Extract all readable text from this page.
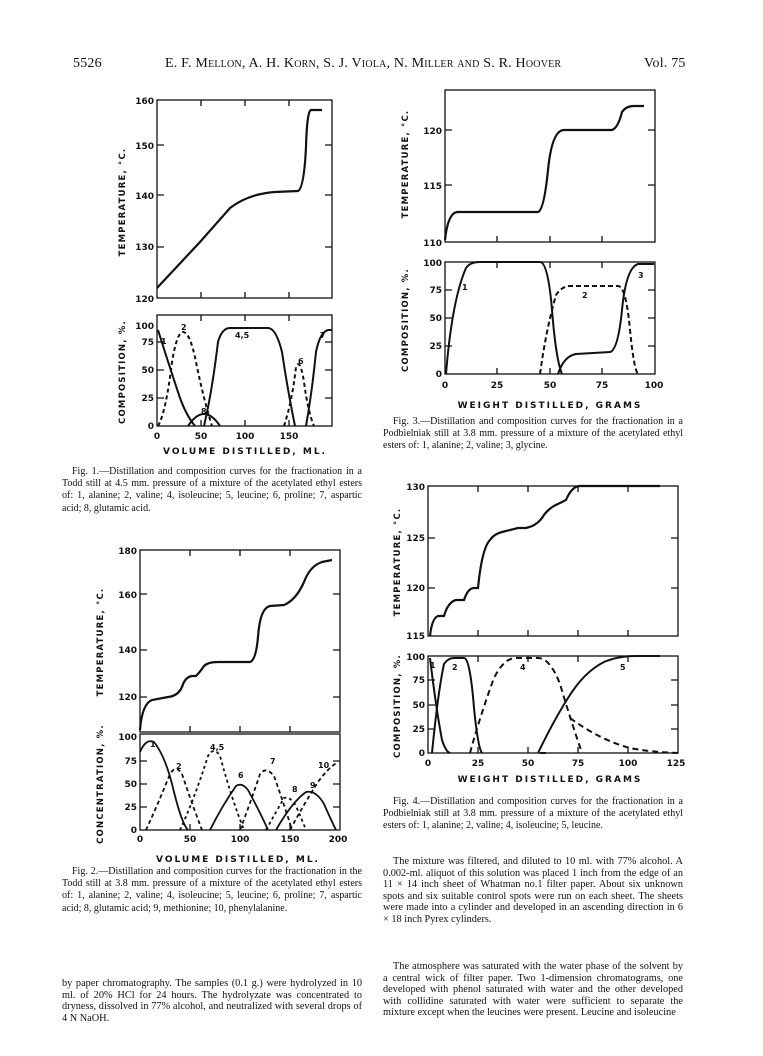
5526	E. F. Mellon, A. H. Korn, S. J. Viola, N. Miller and S. R. Hoover	Vol. 75
1
2
4,5
6
7
8
120
130
140
150
160
0
25
50
75
100
0	50	100	150
TEMPERATURE, °C.
COMPOSITION, %.
VOLUME DISTILLED, ML.

Fig. 1.—Distillation and composition curves for the fractionation in a Todd still at 4.5 mm. pressure of a mixture of the acetylated ethyl esters of: 1, alanine; 2, valine; 4, isoleucine; 5, leucine; 6, proline; 7, aspartic acid; 8, glutamic acid.

1
2
4,5
6
7
8 9
10
120
140
160
180
0
25
50
75
100
0	50	100	150	200
TEMPERATURE, °C.
CONCENTRATION, %.
VOLUME DISTILLED, ML.

Fig. 2.—Distillation and composition curves for the fractionation in the Todd still at 3.8 mm. pressure of a mixture of the acetylated ethyl esters of: 1, alanine; 2, valine; 4, isoleucine; 5, leucine; 6, proline; 7, aspartic acid; 8, glutamic acid; 9, methionine; 10, phenylalanine.

1
2
3
110
115
120
0
25
50
75
100
0	25	50	75	100
TEMPERATURE, °C.
COMPOSITION, %.
WEIGHT DISTILLED, GRAMS

Fig. 3.—Distillation and composition curves for the fractionation in a Podbielniak still at 3.8 mm. pressure of a mixture of the acetylated ethyl esters of: 1, alanine; 2, valine; 3, glycine.

1 2	4	5
115
120
125
130
0
25
50
75
100
0	25	50	75	100	125
TEMPERATURE, °C.
COMPOSITION, %.
WEIGHT DISTILLED, GRAMS

Fig. 4.—Distillation and composition curves for the fractionation in a Podbielniak still at 3.8 mm. pressure of a mixture of the acetylated ethyl esters of: 1, alanine; 2, valine; 4, isoleucine; 5, leucine.

by paper chromatography. The samples (0.1 g.) were hydrolyzed in 10 ml. of 20% HCl for 24 hours. The hydrolyzate was concentrated to dryness, dissolved in 77% alcohol, and neutralized with several drops of 4 N NaOH.

The mixture was filtered, and diluted to 10 ml. with 77% alcohol. A 0.002-ml. aliquot of this solution was placed 1 inch from the edge of an 11 × 14 inch sheet of Whatman no.1 filter paper. About six unknown spots and six suitable control spots were run on each sheet. The sheets were made into a cylinder and developed in an ascending direction in 6 × 18 inch Pyrex cylinders.

The atmosphere was saturated with the water phase of the solvent by a central wick of filter paper. Two 1-dimension chromatograms, one developed with phenol saturated with water and the other developed with collidine saturated with water were sufficient to separate the mixture except when the leucines were present. Leucine and isoleucine
